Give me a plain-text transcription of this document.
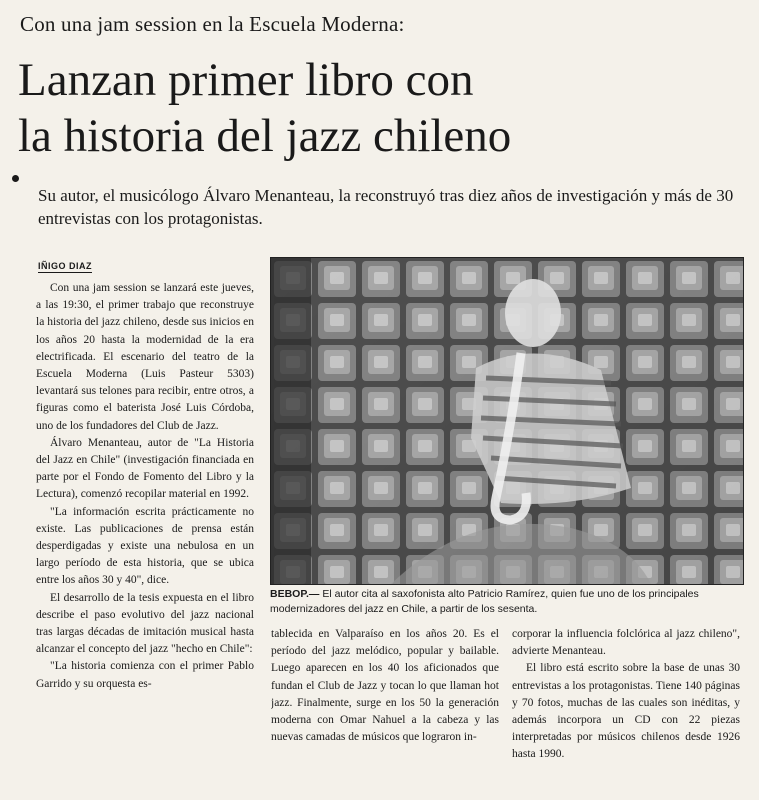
Con una jam session en la Escuela Moderna:
Lanzan primer libro con
la historia del jazz chileno
Su autor, el musicólogo Álvaro Menanteau, la reconstruyó tras diez años de investigación y más de 30 entrevistas con los protagonistas.
IÑIGO DIAZ

Con una jam session se lanzará este jueves, a las 19:30, el primer trabajo que reconstruye la historia del jazz chileno, desde sus inicios en los años 20 hasta la modernidad de la era electrificada. El escenario del teatro de la Escuela Moderna (Luis Pasteur 5303) levantará sus telones para recibir, entre otros, a figuras como el baterista José Luis Córdoba, uno de los fundadores del Club de Jazz.

Álvaro Menanteau, autor de "La Historia del Jazz en Chile" (investigación financiada en parte por el Fondo de Fomento del Libro y la Lectura), comenzó recopilar material en 1992.

"La información escrita prácticamente no existe. Las publicaciones de prensa están desperdigadas y existe una nebulosa en un largo período de esta historia, que se ubica entre los años 30 y 40", dice.

El desarrollo de la tesis expuesta en el libro describe el paso evolutivo del jazz nacional tras largas décadas de imitación musical hasta alcanzar el concepto del jazz "hecho en Chile":

"La historia comienza con el primer Pablo Garrido y su orquesta es-

BEBOP.— El autor cita al saxofonista alto Patricio Ramírez, quien fue uno de los principales modernizadores del jazz en Chile, a partir de los sesenta.

tablecida en Valparaíso en los años 20. Es el período del jazz melódico, popular y bailable. Luego aparecen en los 40 los aficionados que fundan el Club de Jazz y tocan lo que llaman hot jazz. Finalmente, surge en los 50 la generación moderna con Omar Nahuel a la cabeza y las nuevas camadas de músicos que lograron in-

corporar la influencia folclórica al jazz chileno", advierte Menanteau.

El libro está escrito sobre la base de unas 30 entrevistas a los protagonistas. Tiene 140 páginas y 70 fotos, muchas de las cuales son inéditas, y además incorpora un CD con 22 piezas interpretadas por músicos chilenos desde 1926 hasta 1990.
